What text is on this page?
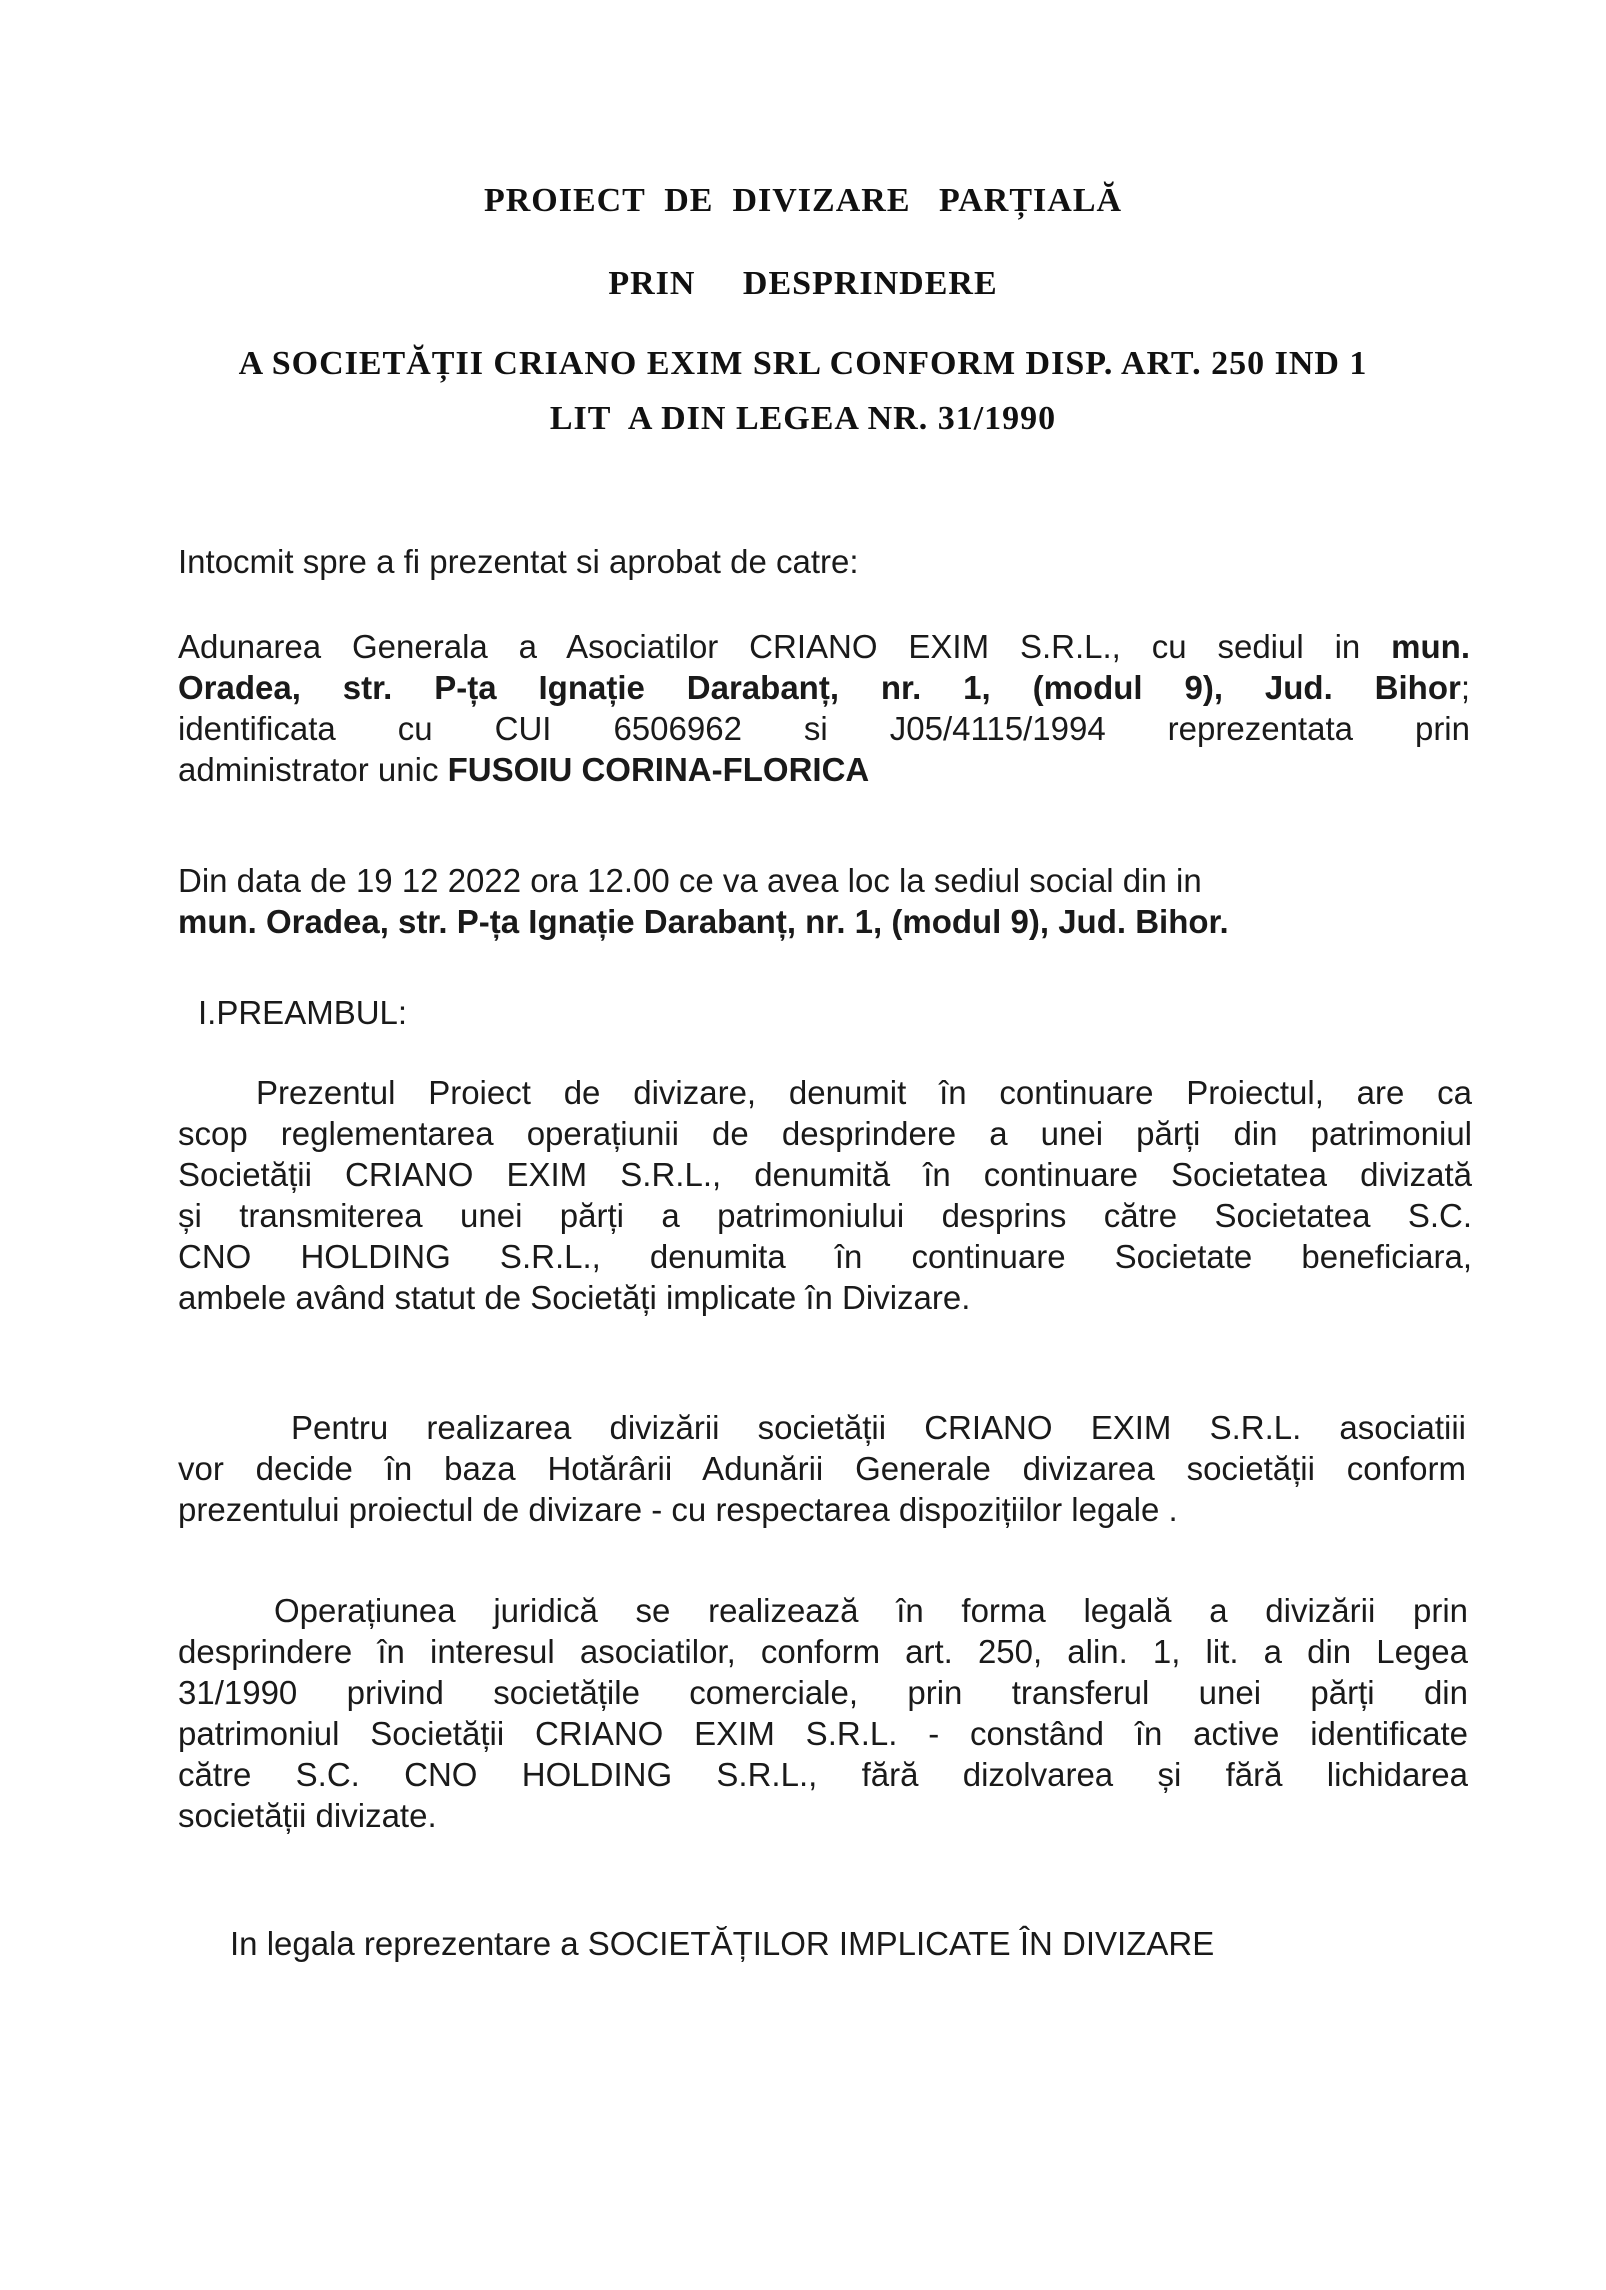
PROIECT  DE  DIVIZARE   PARȚIALĂ
PRIN     DESPRINDERE
A SOCIETĂȚII CRIANO EXIM SRL CONFORM DISP. ART. 250 IND 1
LIT  A DIN LEGEA NR. 31/1990
Intocmit spre a fi prezentat si aprobat de catre:
Adunarea Generala a Asociatilor CRIANO EXIM S.R.L., cu sediul in mun.
Oradea, str. P-ța Ignație Darabanț, nr. 1, (modul 9), Jud. Bihor;
identificata cu CUI 6506962 si J05/4115/1994 reprezentata prin
administrator unic FUSOIU CORINA-FLORICA
Din data de 19 12 2022 ora 12.00 ce va avea loc la sediul social din in
mun. Oradea, str. P-ța Ignație Darabanț, nr. 1, (modul 9), Jud. Bihor.
I.PREAMBUL:
Prezentul Proiect de divizare, denumit în continuare Proiectul, are ca
scop reglementarea operațiunii de desprindere a unei părți din patrimoniul
Societății CRIANO EXIM S.R.L., denumită în continuare Societatea divizată
și transmiterea unei părți a patrimoniului desprins către Societatea S.C.
CNO HOLDING S.R.L., denumita în continuare Societate beneficiara,
ambele având statut de Societăți implicate în Divizare.
Pentru realizarea divizării societății CRIANO EXIM S.R.L. asociatiii
vor decide în baza Hotărârii Adunării Generale divizarea societății conform
prezentului proiectul de divizare - cu respectarea dispozițiilor legale .
Operațiunea juridică se realizează în forma legală a divizării prin
desprindere în interesul asociatilor, conform art. 250, alin. 1, lit. a din Legea
31/1990 privind societățile comerciale, prin transferul unei părți din
patrimoniul Societății CRIANO EXIM S.R.L. - constând în active identificate
către S.C. CNO HOLDING S.R.L., fără dizolvarea și fără lichidarea
societății divizate.
In legala reprezentare a SOCIETĂȚILOR IMPLICATE ÎN DIVIZARE
